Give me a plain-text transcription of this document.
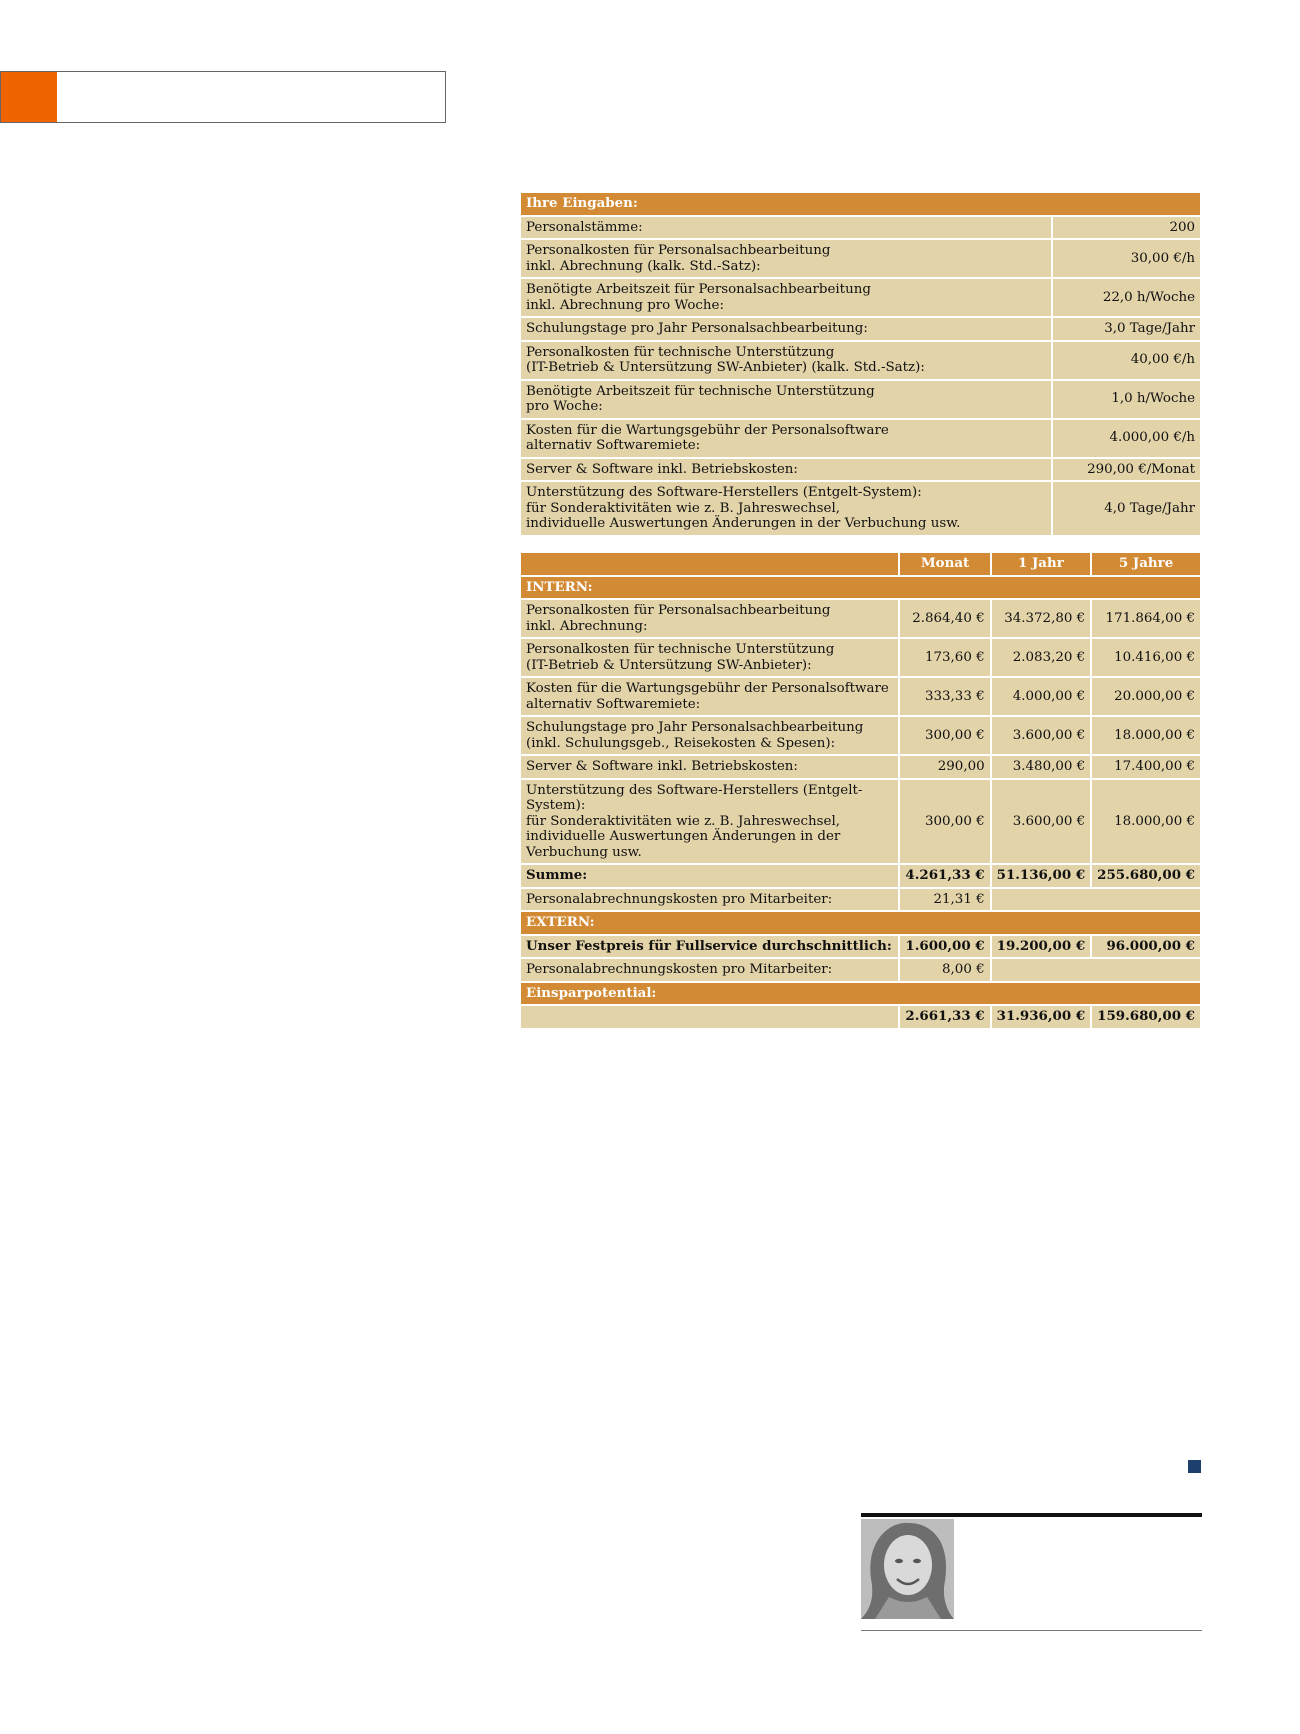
Ihre Eingaben:	
Personalstämme:	200
Personalkosten für Personalsachbearbeitung
inkl. Abrechnung (kalk. Std.-Satz):	30,00 €/h
Benötigte Arbeitszeit für Personalsachbearbeitung
inkl. Abrechnung pro Woche:	22,0 h/Woche
Schulungstage pro Jahr Personalsachbearbeitung:	3,0 Tage/Jahr
Personalkosten für technische Unterstützung
(IT-Betrieb & Untersützung SW-Anbieter) (kalk. Std.-Satz):	40,00 €/h
Benötigte Arbeitszeit für technische Unterstützung
pro Woche:	1,0 h/Woche
Kosten für die Wartungsgebühr der Personalsoftware
alternativ Softwaremiete:	4.000,00 €/h
Server & Software inkl. Betriebskosten:	290,00 €/Monat
Unterstützung des Software-Herstellers (Entgelt-System):
für Sonderaktivitäten wie z. B. Jahreswechsel,
individuelle Auswertungen Änderungen in der Verbuchung usw.	4,0 Tage/Jahr
	Monat	1 Jahr	5 Jahre
INTERN:			
Personalkosten für Personalsachbearbeitung
inkl. Abrechnung:	2.864,40 €	34.372,80 €	171.864,00 €
Personalkosten für technische Unterstützung
(IT-Betrieb & Untersützung SW-Anbieter):	173,60 €	2.083,20 €	10.416,00 €
Kosten für die Wartungsgebühr der Personalsoftware
alternativ Softwaremiete:	333,33 €	4.000,00 €	20.000,00 €
Schulungstage pro Jahr Personalsachbearbeitung
(inkl. Schulungsgeb., Reisekosten & Spesen):	300,00 €	3.600,00 €	18.000,00 €
Server & Software inkl. Betriebskosten:	290,00	3.480,00 €	17.400,00 €
Unterstützung des Software-Herstellers (Entgelt-System):
für Sonderaktivitäten wie z. B. Jahreswechsel,
individuelle Auswertungen Änderungen in der Verbuchung usw.	300,00 €	3.600,00 €	18.000,00 €
Summe:	4.261,33 €	51.136,00 €	255.680,00 €
Personalabrechnungskosten pro Mitarbeiter:	21,31 €		
EXTERN:			
Unser Festpreis für Fullservice durchschnittlich:	1.600,00 €	19.200,00 €	96.000,00 €
Personalabrechnungskosten pro Mitarbeiter:	8,00 €		
Einsparpotential:			
	2.661,33 €	31.936,00 €	159.680,00 €
